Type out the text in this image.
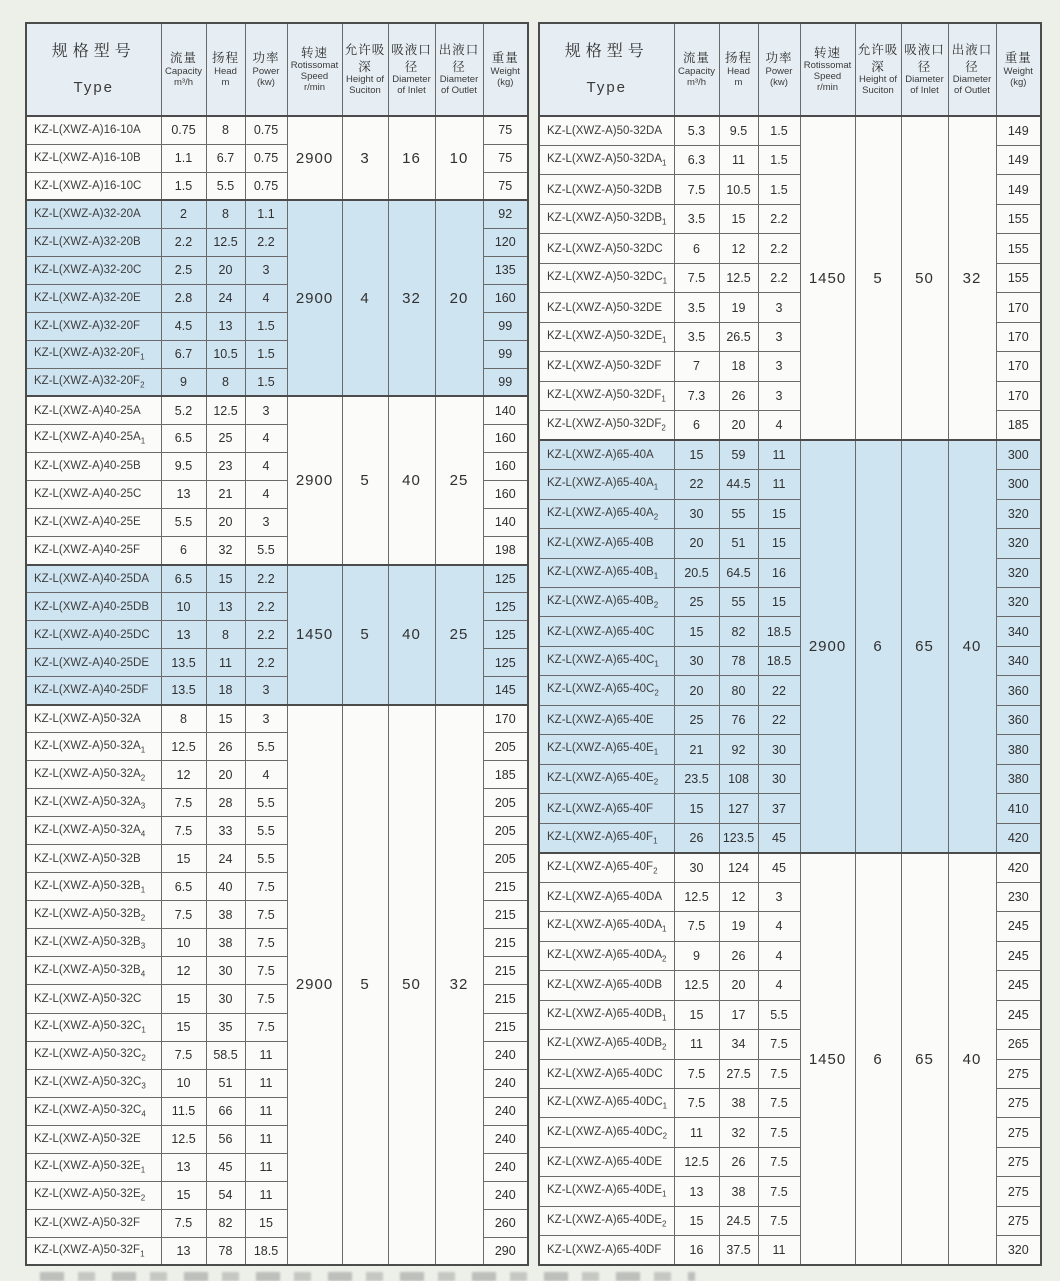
规格型号
Type

流量
Capacity
m³/h

扬程
Head
m

功率
Power
(kw)

转速
Rotissomat Speed
r/min

允许吸深
Height of Suciton

吸液口径
Diameter of Inlet

出液口径
Diameter of Outlet

重量
Weight
(kg)

KZ-L(XWZ-A)16-10A	0.75	8	0.75	2900	3	16	10	75
KZ-L(XWZ-A)16-10B	1.1	6.7	0.75					75
KZ-L(XWZ-A)16-10C	1.5	5.5	0.75					75
KZ-L(XWZ-A)32-20A	2	8	1.1	2900	4	32	20	92
KZ-L(XWZ-A)32-20B	2.2	12.5	2.2					120
KZ-L(XWZ-A)32-20C	2.5	20	3					135
KZ-L(XWZ-A)32-20E	2.8	24	4					160
KZ-L(XWZ-A)32-20F	4.5	13	1.5					99
$KZ-L(XWZ-A)32-20F_1$	6.7	10.5	1.5					99
$KZ-L(XWZ-A)32-20F_2$	9	8	1.5					99
KZ-L(XWZ-A)40-25A	5.2	12.5	3	2900	5	40	25	140
$KZ-L(XWZ-A)40-25A_1$	6.5	25	4					160
KZ-L(XWZ-A)40-25B	9.5	23	4					160
KZ-L(XWZ-A)40-25C	13	21	4					160
KZ-L(XWZ-A)40-25E	5.5	20	3					140
KZ-L(XWZ-A)40-25F	6	32	5.5					198
KZ-L(XWZ-A)40-25DA	6.5	15	2.2	1450	5	40	25	125
KZ-L(XWZ-A)40-25DB	10	13	2.2					125
KZ-L(XWZ-A)40-25DC	13	8	2.2					125
KZ-L(XWZ-A)40-25DE	13.5	11	2.2					125
KZ-L(XWZ-A)40-25DF	13.5	18	3					145
KZ-L(XWZ-A)50-32A	8	15	3	2900	5	50	32	170
$KZ-L(XWZ-A)50-32A_1$	12.5	26	5.5					205
$KZ-L(XWZ-A)50-32A_2$	12	20	4					185
$KZ-L(XWZ-A)50-32A_3$	7.5	28	5.5					205
$KZ-L(XWZ-A)50-32A_4$	7.5	33	5.5					205
KZ-L(XWZ-A)50-32B	15	24	5.5					205
$KZ-L(XWZ-A)50-32B_1$	6.5	40	7.5					215
$KZ-L(XWZ-A)50-32B_2$	7.5	38	7.5					215
$KZ-L(XWZ-A)50-32B_3$	10	38	7.5					215
$KZ-L(XWZ-A)50-32B_4$	12	30	7.5					215
KZ-L(XWZ-A)50-32C	15	30	7.5					215
$KZ-L(XWZ-A)50-32C_1$	15	35	7.5					215
$KZ-L(XWZ-A)50-32C_2$	7.5	58.5	11					240
$KZ-L(XWZ-A)50-32C_3$	10	51	11					240
$KZ-L(XWZ-A)50-32C_4$	11.5	66	11					240
KZ-L(XWZ-A)50-32E	12.5	56	11					240
$KZ-L(XWZ-A)50-32E_1$	13	45	11					240
$KZ-L(XWZ-A)50-32E_2$	15	54	11					240
KZ-L(XWZ-A)50-32F	7.5	82	15					260
$KZ-L(XWZ-A)50-32F_1$	13	78	18.5					290
规格型号
Type

流量
Capacity
m³/h

扬程
Head
m

功率
Power
(kw)

转速
Rotissomat Speed
r/min

允许吸深
Height of Suciton

吸液口径
Diameter of Inlet

出液口径
Diameter of Outlet

重量
Weight
(kg)

KZ-L(XWZ-A)50-32DA	5.3	9.5	1.5	1450	5	50	32	149
$KZ-L(XWZ-A)50-32DA_1$	6.3	11	1.5					149
KZ-L(XWZ-A)50-32DB	7.5	10.5	1.5					149
$KZ-L(XWZ-A)50-32DB_1$	3.5	15	2.2					155
KZ-L(XWZ-A)50-32DC	6	12	2.2					155
$KZ-L(XWZ-A)50-32DC_1$	7.5	12.5	2.2					155
KZ-L(XWZ-A)50-32DE	3.5	19	3					170
$KZ-L(XWZ-A)50-32DE_1$	3.5	26.5	3					170
KZ-L(XWZ-A)50-32DF	7	18	3					170
$KZ-L(XWZ-A)50-32DF_1$	7.3	26	3					170
$KZ-L(XWZ-A)50-32DF_2$	6	20	4					185
KZ-L(XWZ-A)65-40A	15	59	11	2900	6	65	40	300
$KZ-L(XWZ-A)65-40A_1$	22	44.5	11					300
$KZ-L(XWZ-A)65-40A_2$	30	55	15					320
KZ-L(XWZ-A)65-40B	20	51	15					320
$KZ-L(XWZ-A)65-40B_1$	20.5	64.5	16					320
$KZ-L(XWZ-A)65-40B_2$	25	55	15					320
KZ-L(XWZ-A)65-40C	15	82	18.5					340
$KZ-L(XWZ-A)65-40C_1$	30	78	18.5					340
$KZ-L(XWZ-A)65-40C_2$	20	80	22					360
KZ-L(XWZ-A)65-40E	25	76	22					360
$KZ-L(XWZ-A)65-40E_1$	21	92	30					380
$KZ-L(XWZ-A)65-40E_2$	23.5	108	30					380
KZ-L(XWZ-A)65-40F	15	127	37					410
$KZ-L(XWZ-A)65-40F_1$	26	123.5	45					420
$KZ-L(XWZ-A)65-40F_2$	30	124	45	1450	6	65	40	420
KZ-L(XWZ-A)65-40DA	12.5	12	3					230
$KZ-L(XWZ-A)65-40DA_1$	7.5	19	4					245
$KZ-L(XWZ-A)65-40DA_2$	9	26	4					245
KZ-L(XWZ-A)65-40DB	12.5	20	4					245
$KZ-L(XWZ-A)65-40DB_1$	15	17	5.5					245
$KZ-L(XWZ-A)65-40DB_2$	11	34	7.5					265
KZ-L(XWZ-A)65-40DC	7.5	27.5	7.5					275
$KZ-L(XWZ-A)65-40DC_1$	7.5	38	7.5					275
$KZ-L(XWZ-A)65-40DC_2$	11	32	7.5					275
KZ-L(XWZ-A)65-40DE	12.5	26	7.5					275
$KZ-L(XWZ-A)65-40DE_1$	13	38	7.5					275
$KZ-L(XWZ-A)65-40DE_2$	15	24.5	7.5					275
KZ-L(XWZ-A)65-40DF	16	37.5	11					320
